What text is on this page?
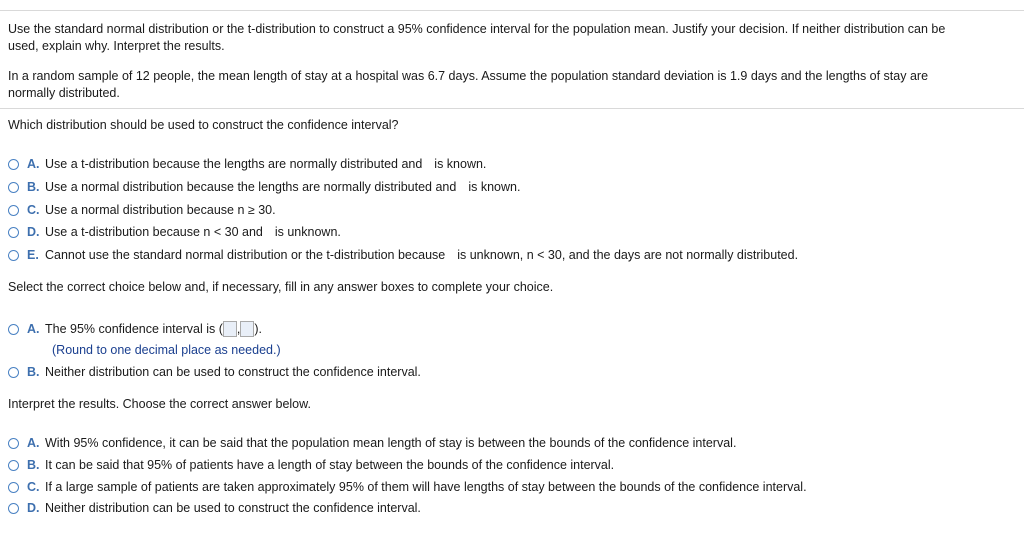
Use the standard normal distribution or the t-distribution to construct a 95% confidence interval for the population mean. Justify your decision. If neither distribution can be
used, explain why. Interpret the results.
In a random sample of 12 people, the mean length of stay at a hospital was 6.7 days. Assume the population standard deviation is 1.9 days and the lengths of stay are
normally distributed.
Which distribution should be used to construct the confidence interval?
A. Use a t-distribution because the lengths are normally distributed and is known.
B. Use a normal distribution because the lengths are normally distributed and is known.
C. Use a normal distribution because n ≥ 30.
D. Use a t-distribution because n < 30 and is unknown.
E. Cannot use the standard normal distribution or the t-distribution because is unknown, n < 30, and the days are not normally distributed.
Select the correct choice below and, if necessary, fill in any answer boxes to complete your choice.
A. The 95% confidence interval is ( , ).
(Round to one decimal place as needed.)
B. Neither distribution can be used to construct the confidence interval.
Interpret the results. Choose the correct answer below.
A. With 95% confidence, it can be said that the population mean length of stay is between the bounds of the confidence interval.
B. It can be said that 95% of patients have a length of stay between the bounds of the confidence interval.
C. If a large sample of patients are taken approximately 95% of them will have lengths of stay between the bounds of the confidence interval.
D. Neither distribution can be used to construct the confidence interval.
